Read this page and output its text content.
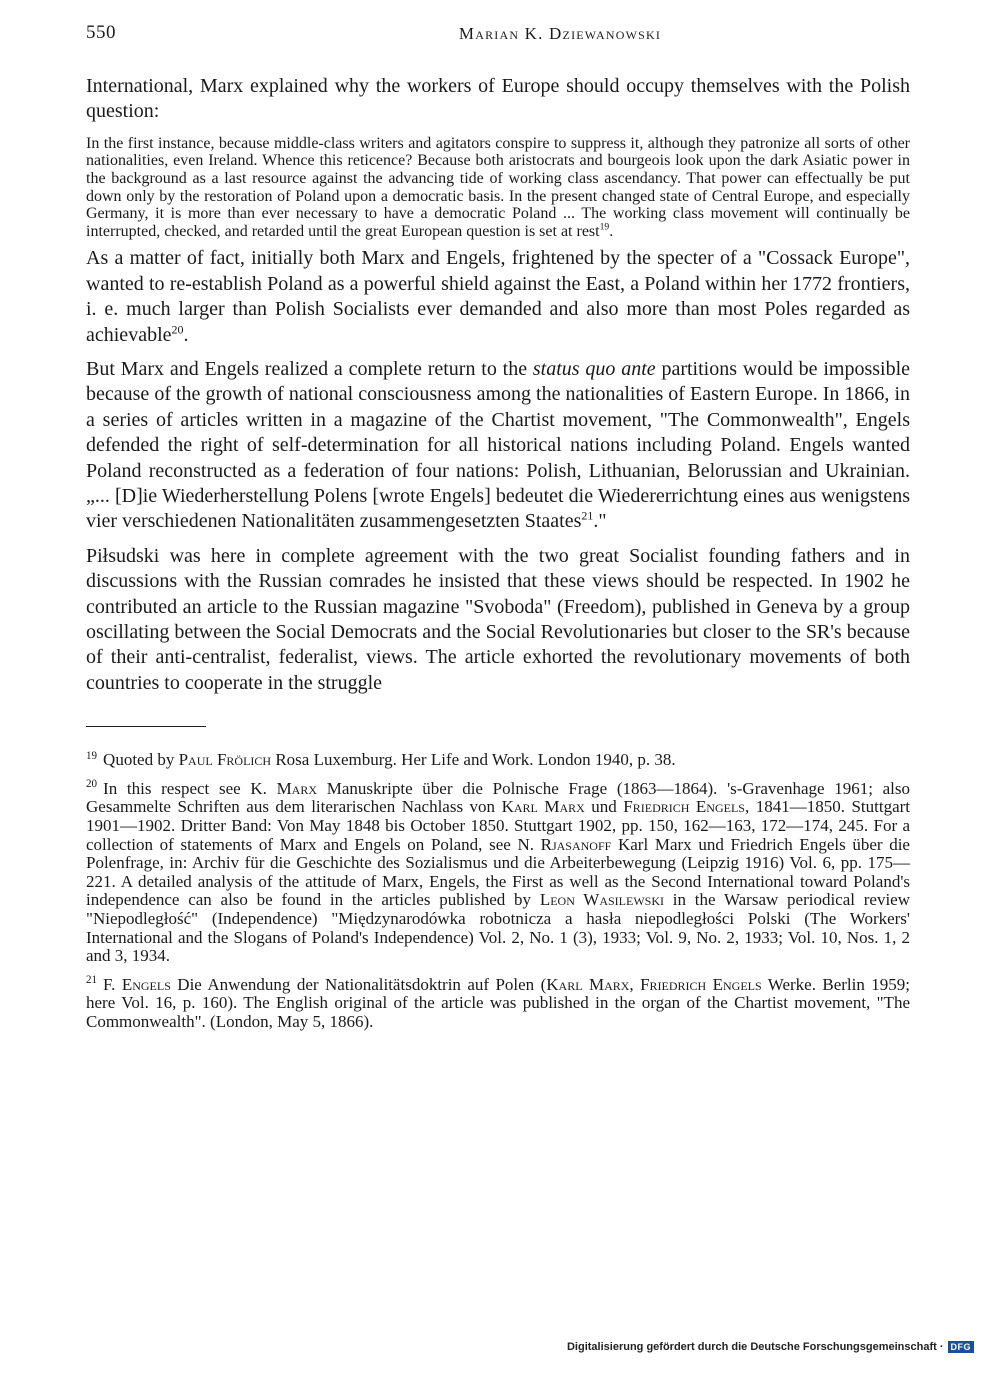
550	Marian K. Dziewanowski

International, Marx explained why the workers of Europe should occupy themselves with the Polish question:

In the first instance, because middle-class writers and agitators conspire to suppress it, although they patronize all sorts of other nationalities, even Ireland. Whence this reticence? Because both aristocrats and bourgeois look upon the dark Asiatic power in the background as a last resource against the advancing tide of working class ascendancy. That power can effectually be put down only by the restoration of Poland upon a democratic basis. In the present changed state of Central Europe, and especially Germany, it is more than ever necessary to have a democratic Poland ... The working class movement will continually be interrupted, checked, and retarded until the great European question is set at rest$^{19}$.

As a matter of fact, initially both Marx and Engels, frightened by the specter of a "Cossack Europe", wanted to re-establish Poland as a powerful shield against the East, a Poland within her 1772 frontiers, i. e. much larger than Polish Socialists ever demanded and also more than most Poles regarded as achievable$^{20}$.

But Marx and Engels realized a complete return to the status quo ante partitions would be impossible because of the growth of national consciousness among the nationalities of Eastern Europe. In 1866, in a series of articles written in a magazine of the Chartist movement, "The Commonwealth", Engels defended the right of self-determination for all historical nations including Poland. Engels wanted Poland reconstructed as a federation of four nations: Polish, Lithuanian, Belorussian and Ukrainian. „... [D]ie Wiederherstellung Polens [wrote Engels] bedeutet die Wiedererrichtung eines aus wenigstens vier verschiedenen Nationalitäten zusammengesetzten Staates$^{21}$."

Piłsudski was here in complete agreement with the two great Socialist founding fathers and in discussions with the Russian comrades he insisted that these views should be respected. In 1902 he contributed an article to the Russian magazine "Svoboda" (Freedom), published in Geneva by a group oscillating between the Social Democrats and the Social Revolutionaries but closer to the SR's because of their anti-centralist, federalist, views. The article exhorted the revolutionary movements of both countries to cooperate in the struggle

$^{19}$ Quoted by Paul Frölich Rosa Luxemburg. Her Life and Work. London 1940, p. 38.

$^{20}$ In this respect see K. Marx Manuskripte über die Polnische Frage (1863—1864). 's-Gravenhage 1961; also Gesammelte Schriften aus dem literarischen Nachlass von Karl Marx und Friedrich Engels, 1841—1850. Stuttgart 1901—1902. Dritter Band: Von May 1848 bis October 1850. Stuttgart 1902, pp. 150, 162—163, 172—174, 245. For a collection of statements of Marx and Engels on Poland, see N. Rjasanoff Karl Marx und Friedrich Engels über die Polenfrage, in: Archiv für die Geschichte des Sozialismus und die Arbeiterbewegung (Leipzig 1916) Vol. 6, pp. 175—221. A detailed analysis of the attitude of Marx, Engels, the First as well as the Second International toward Poland's independence can also be found in the articles published by Leon Wasilewski in the Warsaw periodical review "Niepodległość" (Independence) "Międzynarodówka robotnicza a hasła niepodległości Polski (The Workers' International and the Slogans of Poland's Independence) Vol. 2, No. 1 (3), 1933; Vol. 9, No. 2, 1933; Vol. 10, Nos. 1, 2 and 3, 1934.

$^{21}$ F. Engels Die Anwendung der Nationalitätsdoktrin auf Polen (Karl Marx, Friedrich Engels Werke. Berlin 1959; here Vol. 16, p. 160). The English original of the article was published in the organ of the Chartist movement, "The Commonwealth". (London, May 5, 1866).

Digitalisierung gefördert durch die Deutsche Forschungsgemeinschaft · DFG
